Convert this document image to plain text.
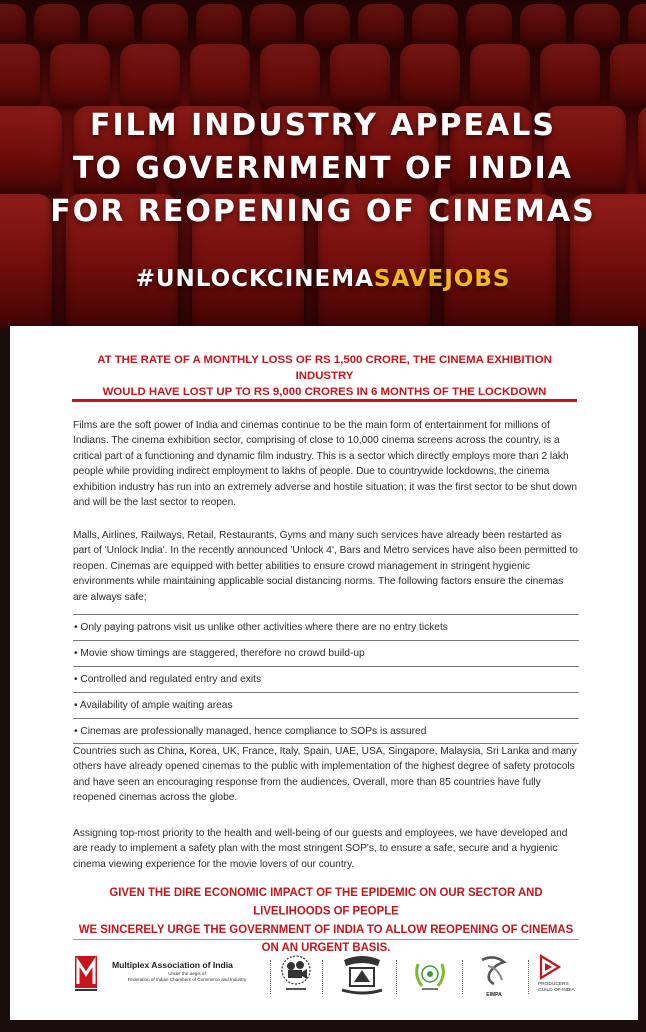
FILM INDUSTRY APPEALS
TO GOVERNMENT OF INDIA
FOR REOPENING OF CINEMAS
#UNLOCKCINEMASAVEJOBS
AT THE RATE OF A MONTHLY LOSS OF RS 1,500 CRORE, THE CINEMA EXHIBITION INDUSTRY
WOULD HAVE LOST UP TO RS 9,000 CRORES IN 6 MONTHS OF THE LOCKDOWN

Films are the soft power of India and cinemas continue to be the main form of entertainment for millions of Indians. The cinema exhibition sector, comprising of close to 10,000 cinema screens across the country, is a critical part of a functioning and dynamic film industry. This is a sector which directly employs more than 2 lakh people while providing indirect employment to lakhs of people. Due to countrywide lockdowns, the cinema exhibition industry has run into an extremely adverse and hostile situation; it was the first sector to be shut down and will be the last sector to reopen.

Malls, Airlines, Railways, Retail, Restaurants, Gyms and many such services have already been restarted as part of 'Unlock India'. In the recently announced 'Unlock 4', Bars and Metro services have also been permitted to reopen. Cinemas are equipped with better abilities to ensure crowd management in stringent hygienic environments while maintaining applicable social distancing norms. The following factors ensure the cinemas are always safe;

• Only paying patrons visit us unlike other activities where there are no entry tickets
• Movie show timings are staggered, therefore no crowd build-up
• Controlled and regulated entry and exits
• Availability of ample waiting areas
• Cinemas are professionally managed, hence compliance to SOPs is assured

Countries such as China, Korea, UK, France, Italy, Spain, UAE, USA, Singapore, Malaysia, Sri Lanka and many others have already opened cinemas to the public with implementation of the highest degree of safety protocols and have seen an encouraging response from the audiences. Overall, more than 85 countries have fully reopened cinemas across the globe.

Assigning top-most priority to the health and well-being of our guests and employees, we have developed and are ready to implement a safety plan with the most stringent SOP's, to ensure a safe, secure and a hygienic cinema viewing experience for the movie lovers of our country.

GIVEN THE DIRE ECONOMIC IMPACT OF THE EPIDEMIC ON OUR SECTOR AND LIVELIHOODS OF PEOPLE
WE SINCERELY URGE THE GOVERNMENT OF INDIA TO ALLOW REOPENING OF CINEMAS ON AN URGENT BASIS.
Multiplex Association of India
Under the aegis of
Federation of Indian Chambers of Commerce and Industry
EIMPA
PRODUCERS GUILD OF INDIA
